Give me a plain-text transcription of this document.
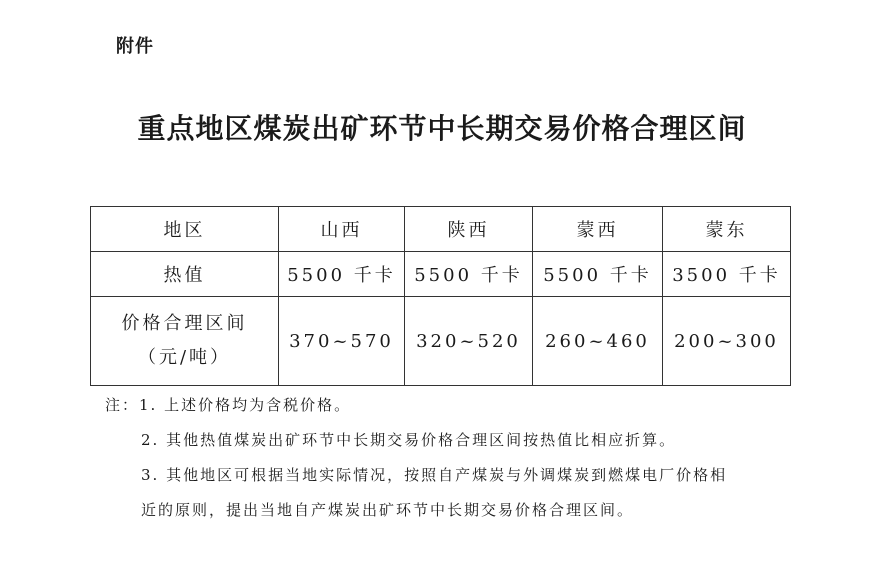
附件
重点地区煤炭出矿环节中长期交易价格合理区间
地区	山西	陕西	蒙西	蒙东
热值	5500 千卡	5500 千卡	5500 千卡	3500 千卡

价格合理区间
（元/吨）	370~570	320~520	260~460	200~300
注：1. 上述价格均为含税价格。
2. 其他热值煤炭出矿环节中长期交易价格合理区间按热值比相应折算。
3. 其他地区可根据当地实际情况，按照自产煤炭与外调煤炭到燃煤电厂价格相
近的原则，提出当地自产煤炭出矿环节中长期交易价格合理区间。
